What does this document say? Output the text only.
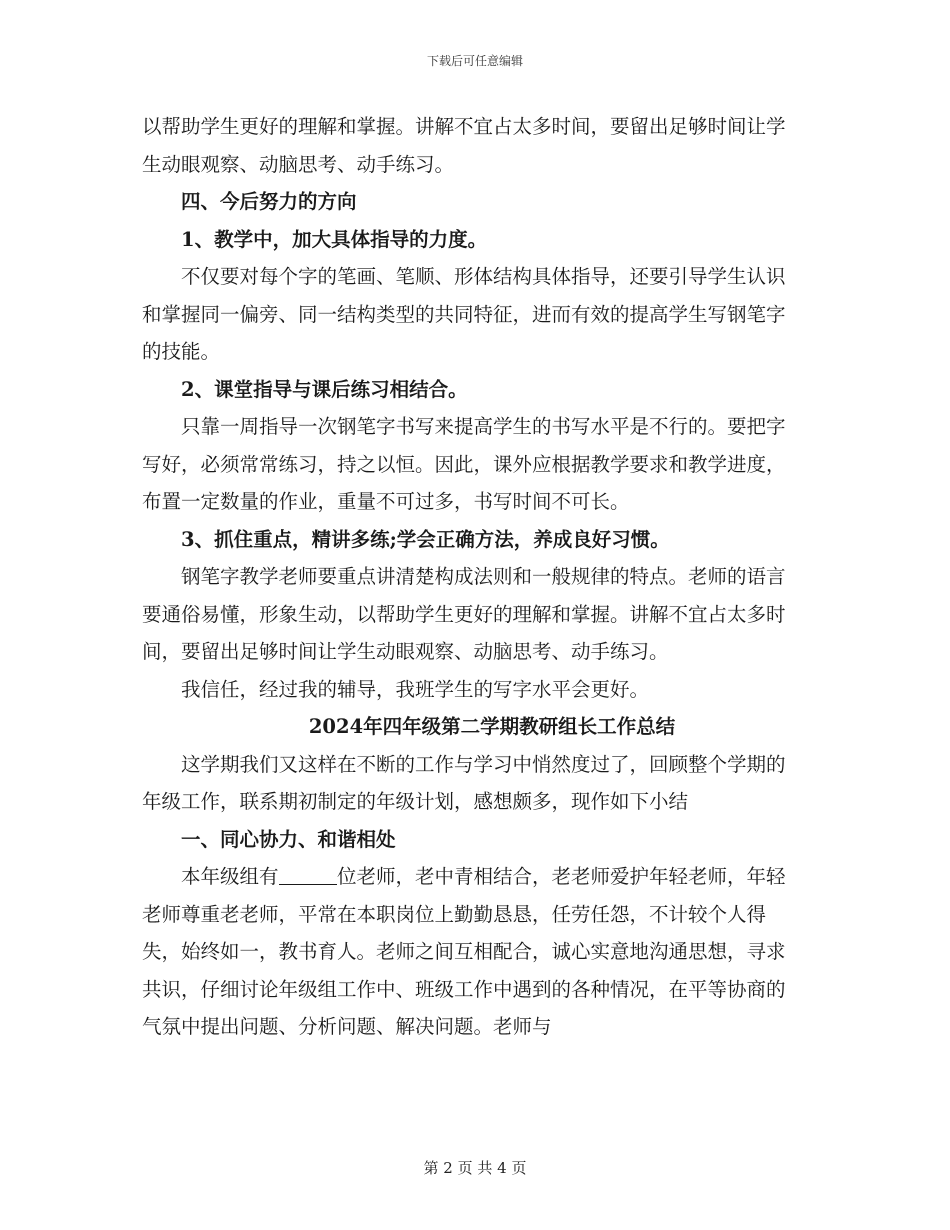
下载后可任意编辑

以帮助学生更好的理解和掌握。讲解不宜占太多时间，要留出足够时间让学生动眼观察、动脑思考、动手练习。

四、今后努力的方向

1、教学中，加大具体指导的力度。

不仅要对每个字的笔画、笔顺、形体结构具体指导，还要引导学生认识和掌握同一偏旁、同一结构类型的共同特征，进而有效的提高学生写钢笔字的技能。

2、课堂指导与课后练习相结合。

只靠一周指导一次钢笔字书写来提高学生的书写水平是不行的。要把字写好，必须常常练习，持之以恒。因此，课外应根据教学要求和教学进度，布置一定数量的作业，重量不可过多，书写时间不可长。

3、抓住重点，精讲多练;学会正确方法，养成良好习惯。

钢笔字教学老师要重点讲清楚构成法则和一般规律的特点。老师的语言要通俗易懂，形象生动，以帮助学生更好的理解和掌握。讲解不宜占太多时间，要留出足够时间让学生动眼观察、动脑思考、动手练习。

我信任，经过我的辅导，我班学生的写字水平会更好。

2024年四年级第二学期教研组长工作总结

这学期我们又这样在不断的工作与学习中悄然度过了，回顾整个学期的年级工作，联系期初制定的年级计划，感想颇多，现作如下小结

一、同心协力、和谐相处

本年级组有	位老师，老中青相结合，老老师爱护年轻老师，年轻老师尊重老老师，平常在本职岗位上勤勤恳恳，任劳任怨，不计较个人得失，始终如一，教书育人。老师之间互相配合，诚心实意地沟通思想，寻求共识，仔细讨论年级组工作中、班级工作中遇到的各种情况，在平等协商的气氛中提出问题、分析问题、解决问题。老师与

第 2 页 共 4 页
